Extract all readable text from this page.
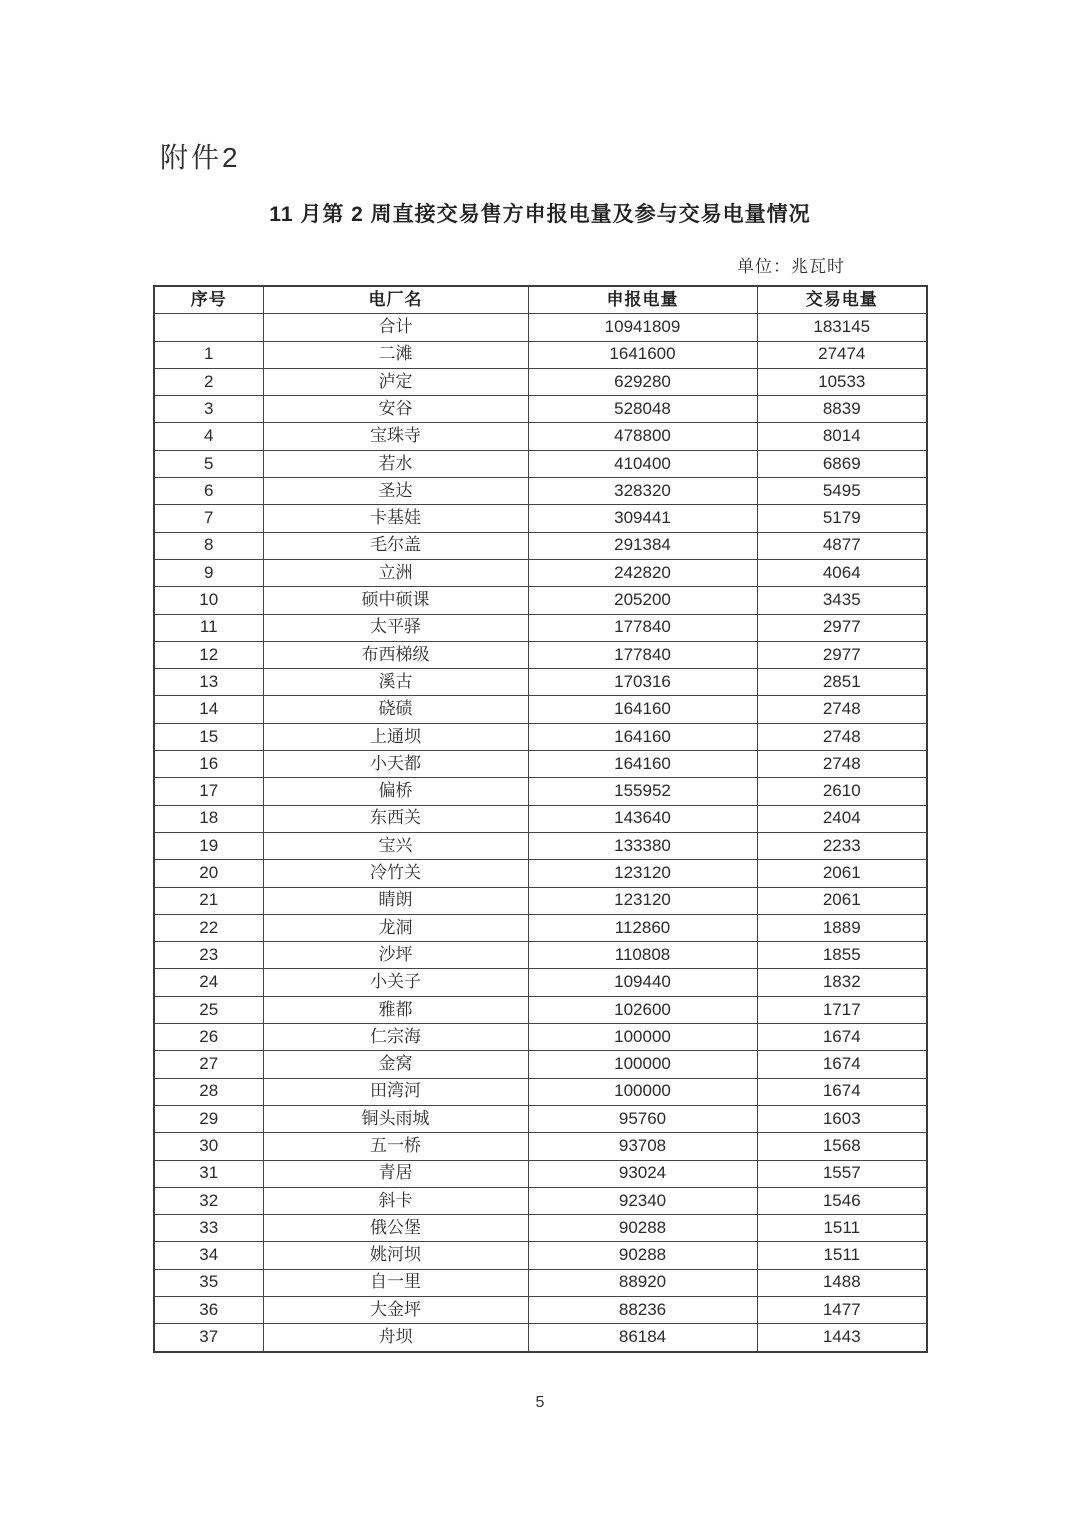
附件2
11 月第 2 周直接交易售方申报电量及参与交易电量情况
单位：兆瓦时
序号	电厂名	申报电量	交易电量
	合计	10941809	183145
1	二滩	1641600	27474
2	泸定	629280	10533
3	安谷	528048	8839
4	宝珠寺	478800	8014
5	若水	410400	6869
6	圣达	328320	5495
7	卡基娃	309441	5179
8	毛尔盖	291384	4877
9	立洲	242820	4064
10	硕中硕课	205200	3435
11	太平驿	177840	2977
12	布西梯级	177840	2977
13	溪古	170316	2851
14	硗碛	164160	2748
15	上通坝	164160	2748
16	小天都	164160	2748
17	偏桥	155952	2610
18	东西关	143640	2404
19	宝兴	133380	2233
20	冷竹关	123120	2061
21	睛朗	123120	2061
22	龙洞	112860	1889
23	沙坪	110808	1855
24	小关子	109440	1832
25	雅都	102600	1717
26	仁宗海	100000	1674
27	金窝	100000	1674
28	田湾河	100000	1674
29	铜头雨城	95760	1603
30	五一桥	93708	1568
31	青居	93024	1557
32	斜卡	92340	1546
33	俄公堡	90288	1511
34	姚河坝	90288	1511
35	自一里	88920	1488
36	大金坪	88236	1477
37	舟坝	86184	1443
5
